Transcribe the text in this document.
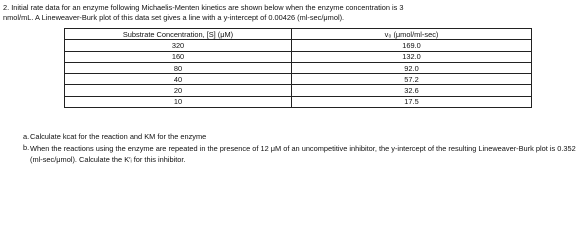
2. Initial rate data for an enzyme following Michaelis-Menten kinetics are shown below when the enzyme concentration is 3

nmol/mL. A Lineweaver-Burk plot of this data set gives a line with a y-intercept of 0.00426 (ml-sec/μmol).

Substrate Concentration, [S] (μM)	v₀ (μmol/ml-sec)
320	169.0
160	132.0
80	92.0
40	57.2
20	32.6
10	17.5
a. Calculate kcat for the reaction and KM for the enzyme
b. When the reactions using the enzyme are repeated in the presence of 12 μM of an uncompetitive inhibitor, the y-intercept of the resulting Lineweaver-Burk plot is 0.352 (ml-sec/μmol). Calculate the K′ᵢ for this inhibitor.
